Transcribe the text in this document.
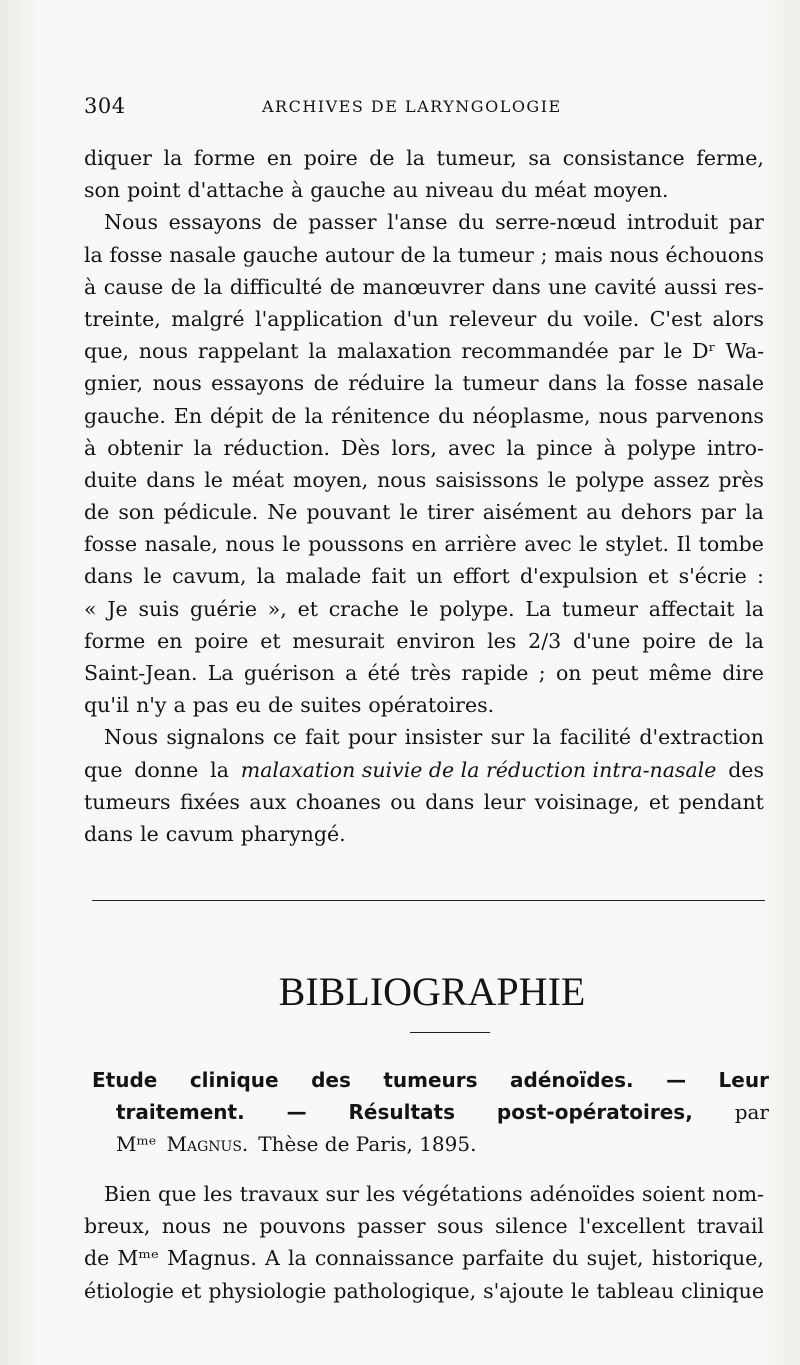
304	ARCHIVES DE LARYNGOLOGIE
diquer la forme en poire de la tumeur, sa consistance ferme,
son point d'attache à gauche au niveau du méat moyen.
Nous essayons de passer l'anse du serre-nœud introduit par
la fosse nasale gauche autour de la tumeur ; mais nous échouons
à cause de la difficulté de manœuvrer dans une cavité aussi res-
treinte, malgré l'application d'un releveur du voile. C'est alors
que, nous rappelant la malaxation recommandée par le Dʳ Wa-
gnier, nous essayons de réduire la tumeur dans la fosse nasale
gauche. En dépit de la rénitence du néoplasme, nous parvenons
à obtenir la réduction. Dès lors, avec la pince à polype intro-
duite dans le méat moyen, nous saisissons le polype assez près
de son pédicule. Ne pouvant le tirer aisément au dehors par la
fosse nasale, nous le poussons en arrière avec le stylet. Il tombe
dans le cavum, la malade fait un effort d'expulsion et s'écrie :
« Je suis guérie », et crache le polype. La tumeur affectait la
forme en poire et mesurait environ les 2/3 d'une poire de la
Saint-Jean. La guérison a été très rapide ; on peut même dire
qu'il n'y a pas eu de suites opératoires.
Nous signalons ce fait pour insister sur la facilité d'extraction
que donne la malaxation suivie de la réduction intra-nasale des
tumeurs fixées aux choanes ou dans leur voisinage, et pendant
dans le cavum pharyngé.
BIBLIOGRAPHIE
Etude clinique des tumeurs adénoïdes. — Leur
traitement. — Résultats post-opératoires, par
Mᵐᵉ Magnus. Thèse de Paris, 1895.
Bien que les travaux sur les végétations adénoïdes soient nom-
breux, nous ne pouvons passer sous silence l'excellent travail
de Mᵐᵉ Magnus. A la connaissance parfaite du sujet, historique,
étiologie et physiologie pathologique, s'ajoute le tableau clinique
